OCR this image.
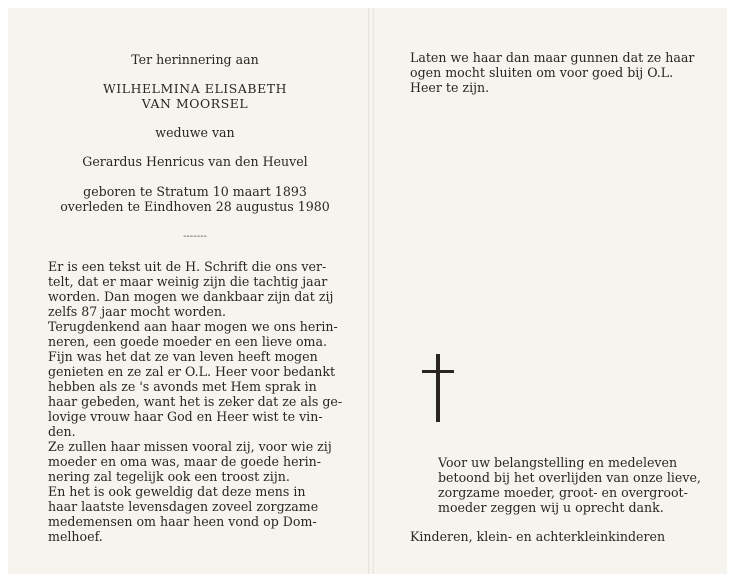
Ter herinnering aan
WILHELMINA ELISABETH
VAN MOORSEL
weduwe van
Gerardus Henricus van den Heuvel
geboren te Stratum 10 maart 1893
overleden te Eindhoven 28 augustus 1980
-------
Er is een tekst uit de H. Schrift die ons ver-
telt, dat er maar weinig zijn die tachtig jaar
worden. Dan mogen we dankbaar zijn dat zij
zelfs 87 jaar mocht worden.
Terugdenkend aan haar mogen we ons herin-
neren, een goede moeder en een lieve oma.
Fijn was het dat ze van leven heeft mogen
genieten en ze zal er O.L. Heer voor bedankt
hebben als ze 's avonds met Hem sprak in
haar gebeden, want het is zeker dat ze als ge-
lovige vrouw haar God en Heer wist te vin-
den.
Ze zullen haar missen vooral zij, voor wie zij
moeder en oma was, maar de goede herin-
nering zal tegelijk ook een troost zijn.
En het is ook geweldig dat deze mens in
haar laatste levensdagen zoveel zorgzame
medemensen om haar heen vond op Dom-
melhoef.
Laten we haar dan maar gunnen dat ze haar
ogen mocht sluiten om voor goed bij O.L.
Heer te zijn.
Voor uw belangstelling en medeleven
betoond bij het overlijden van onze lieve,
zorgzame moeder, groot- en overgroot-
moeder zeggen wij u oprecht dank.
Kinderen, klein- en achterkleinkinderen
